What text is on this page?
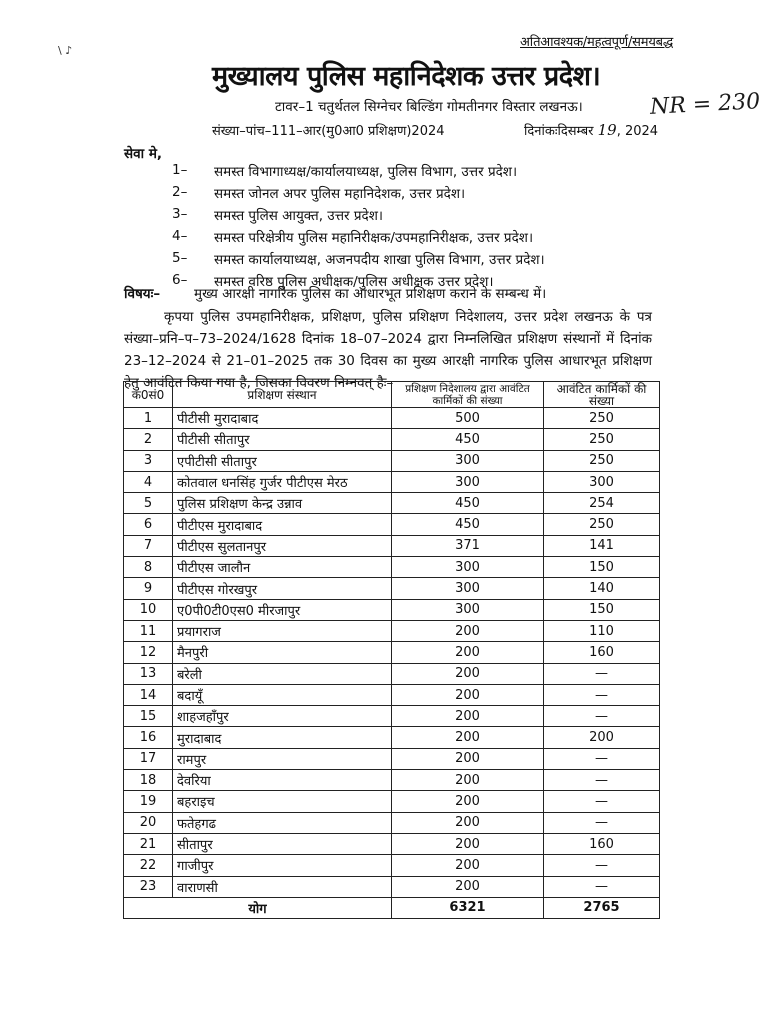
अतिआवश्यक/महत्वपूर्ण/समयबद्ध
\ ♪
मुख्यालय पुलिस महानिदेशक उत्तर प्रदेश।
टावर–1 चतुर्थतल सिग्नेचर बिल्डिंग गोमतीनगर विस्तार लखनऊ।	NR = 230
संख्या–पांच–111–आर(मु0आ0 प्रशिक्षण)2024	दिनांकःदिसम्बर 19, 2024
सेवा मे,
1–	समस्त विभागाध्यक्ष/कार्यालयाध्यक्ष, पुलिस विभाग, उत्तर प्रदेश।
2–	समस्त जोनल अपर पुलिस महानिदेशक, उत्तर प्रदेश।
3–	समस्त पुलिस आयुक्त, उत्तर प्रदेश।
4–	समस्त परिक्षेत्रीय पुलिस महानिरीक्षक/उपमहानिरीक्षक, उत्तर प्रदेश।
5–	समस्त कार्यालयाध्यक्ष, अजनपदीय शाखा पुलिस विभाग, उत्तर प्रदेश।
6–	समस्त वरिष्ठ पुलिस अधीक्षक/पुलिस अधीक्षक उत्तर प्रदेश।
विषयः–	मुख्य आरक्षी नागरिक पुलिस का आधारभूत प्रशिक्षण कराने के सम्बन्ध में।
कृपया पुलिस उपमहानिरीक्षक, प्रशिक्षण, पुलिस प्रशिक्षण निदेशालय, उत्तर प्रदेश लखनऊ के पत्र संख्या–प्रनि–प–73–2024/1628 दिनांक 18–07–2024 द्वारा निम्नलिखित प्रशिक्षण संस्थानों में दिनांक 23–12–2024 से 21–01–2025 तक 30 दिवस का मुख्य आरक्षी नागरिक पुलिस आधारभूत प्रशिक्षण हेतु आवंटित किया गया है, जिसका विवरण निम्नवत् हैः–
क0सं0	प्रशिक्षण संस्थान	प्रशिक्षण निदेशालय द्वारा आवंटित कार्मिकों की संख्या	आवंटित कार्मिकों की संख्या
1	पीटीसी मुरादाबाद	500	250
2	पीटीसी सीतापुर	450	250
3	एपीटीसी सीतापुर	300	250
4	कोतवाल धनसिंह गुर्जर पीटीएस मेरठ	300	300
5	पुलिस प्रशिक्षण केन्द्र उन्नाव	450	254
6	पीटीएस मुरादाबाद	450	250
7	पीटीएस सुलतानपुर	371	141
8	पीटीएस जालौन	300	150
9	पीटीएस गोरखपुर	300	140
10	ए0पी0टी0एस0 मीरजापुर	300	150
11	प्रयागराज	200	110
12	मैनपुरी	200	160
13	बरेली	200	—
14	बदायूँ	200	—
15	शाहजहाँपुर	200	—
16	मुरादाबाद	200	200
17	रामपुर	200	—
18	देवरिया	200	—
19	बहराइच	200	—
20	फतेहगढ	200	—
21	सीतापुर	200	160
22	गाजीपुर	200	—
23	वाराणसी	200	—
योग		6321	2765
